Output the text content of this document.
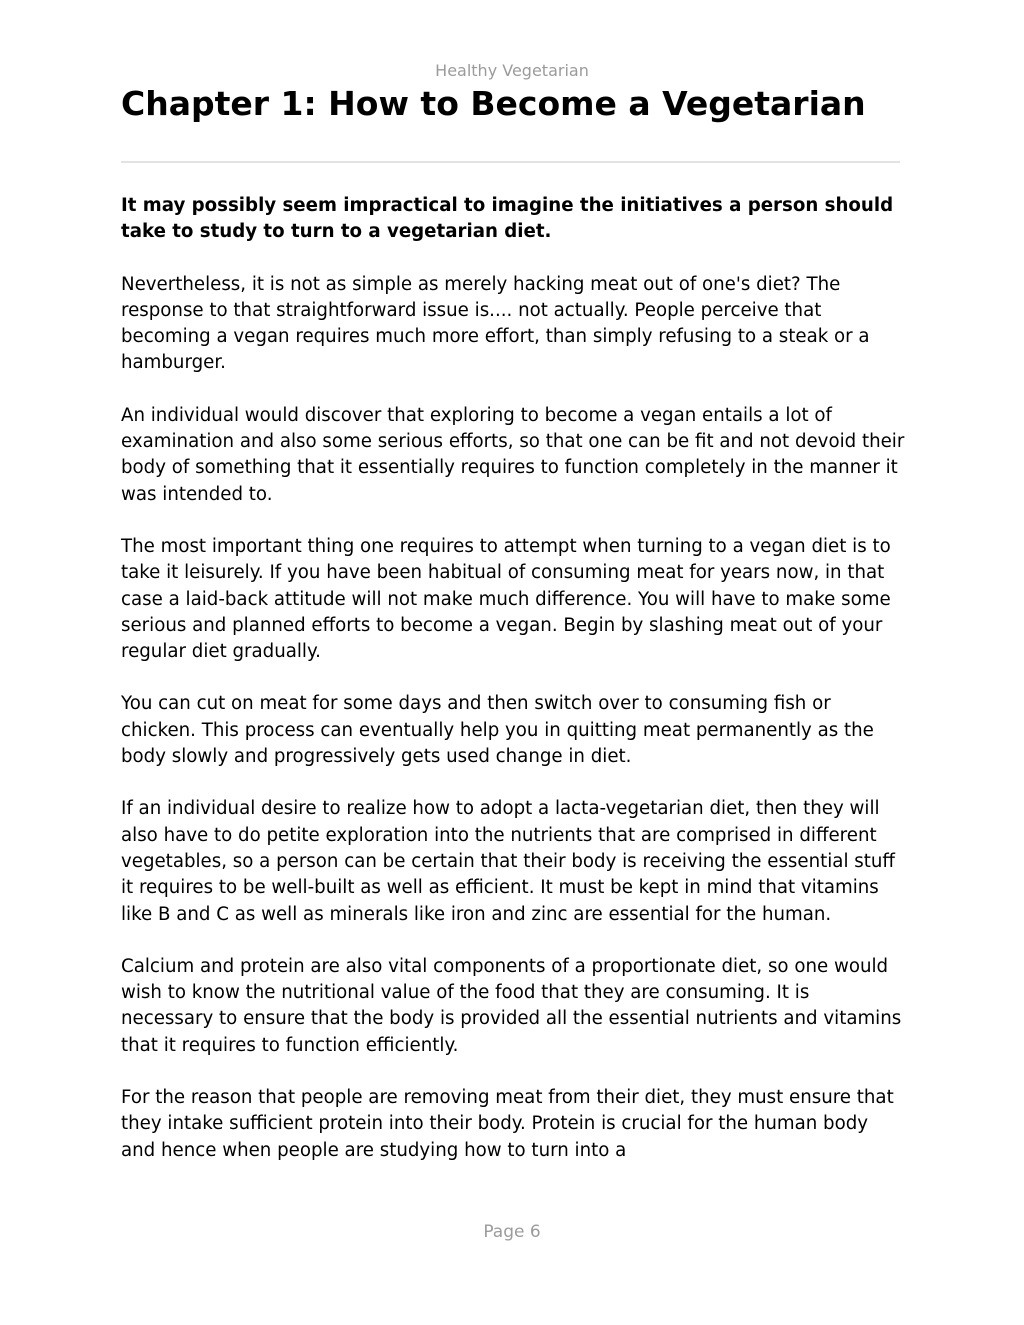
Healthy Vegetarian
Chapter 1: How to Become a Vegetarian

It may possibly seem impractical to imagine the initiatives a person should take to study to turn to a vegetarian diet.

Nevertheless, it is not as simple as merely hacking meat out of one's diet? The response to that straightforward issue is.... not actually. People perceive that becoming a vegan requires much more effort, than simply refusing to a steak or a hamburger.

An individual would discover that exploring to become a vegan entails a lot of examination and also some serious efforts, so that one can be fit and not devoid their body of something that it essentially requires to function completely in the manner it was intended to.

The most important thing one requires to attempt when turning to a vegan diet is to take it leisurely. If you have been habitual of consuming meat for years now, in that case a laid-back attitude will not make much difference. You will have to make some serious and planned efforts to become a vegan. Begin by slashing meat out of your regular diet gradually.

You can cut on meat for some days and then switch over to consuming fish or chicken. This process can eventually help you in quitting meat permanently as the body slowly and progressively gets used change in diet.

If an individual desire to realize how to adopt a lacta-vegetarian diet, then they will also have to do petite exploration into the nutrients that are comprised in different vegetables, so a person can be certain that their body is receiving the essential stuff it requires to be well-built as well as efficient. It must be kept in mind that vitamins like B and C as well as minerals like iron and zinc are essential for the human.

Calcium and protein are also vital components of a proportionate diet, so one would wish to know the nutritional value of the food that they are consuming. It is necessary to ensure that the body is provided all the essential nutrients and vitamins that it requires to function efficiently.

For the reason that people are removing meat from their diet, they must ensure that they intake sufficient protein into their body. Protein is crucial for the human body and hence when people are studying how to turn into a

Page 6
